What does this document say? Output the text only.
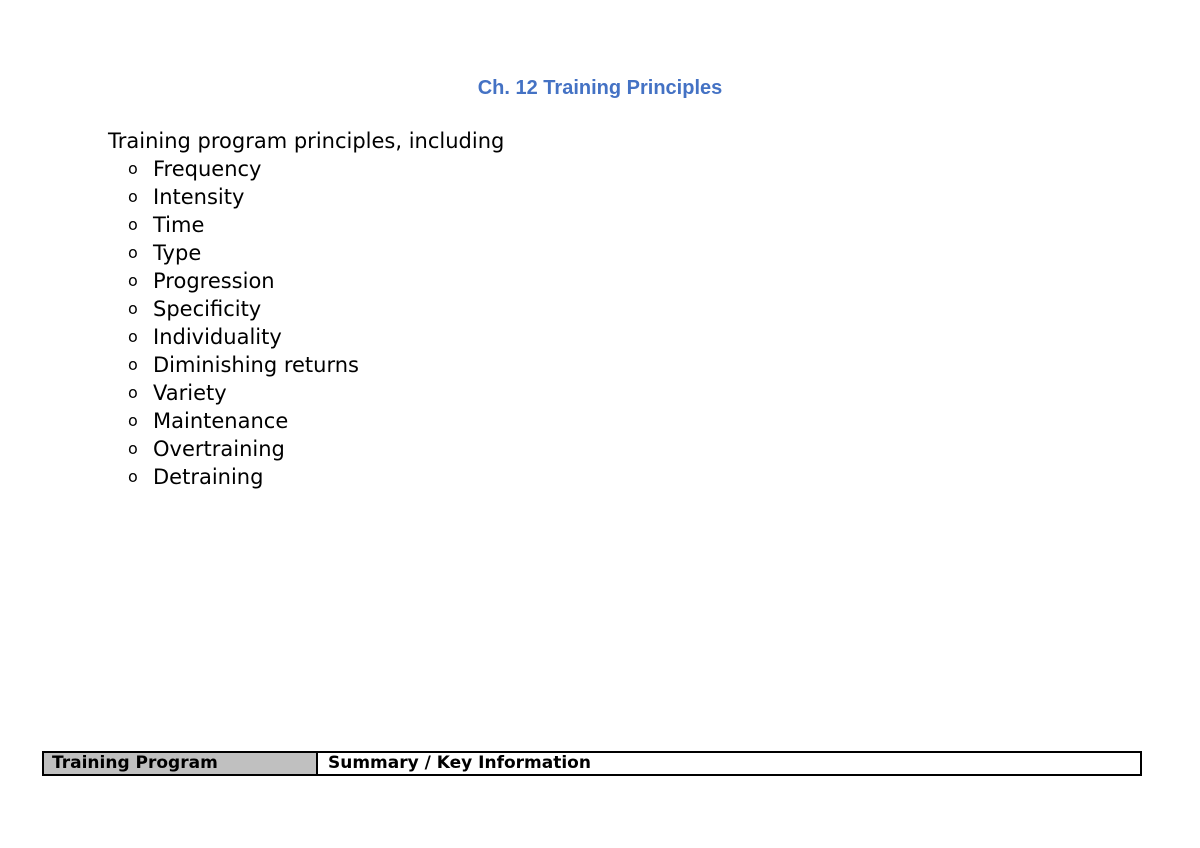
Ch. 12 Training Principles
Training program principles, including
o Frequency
o Intensity
o Time
o Type
o Progression
o Specificity
o Individuality
o Diminishing returns
o Variety
o Maintenance
o Overtraining
o Detraining
Training Program	Summary / Key Information
